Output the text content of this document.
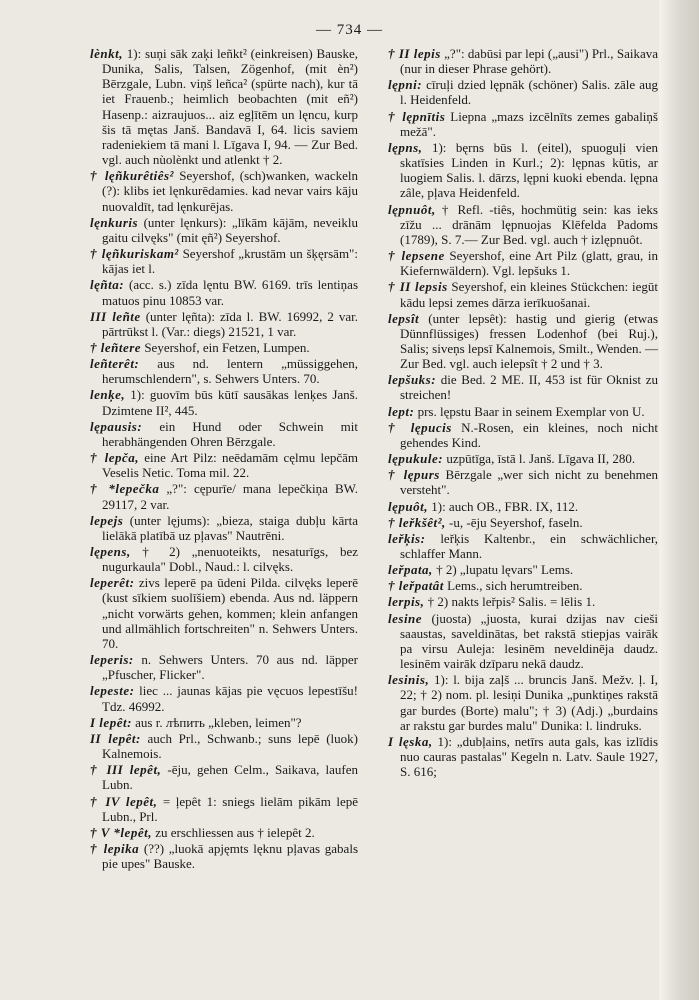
— 734 —
lènkt, 1): suņi sāk zaķi leñkt² (einkreisen) Bauske, Dunika, Salis, Talsen, Zögenhof, (mit èn²) Bērzgale, Lubn. viņš leñca² (spürte nach), kur tā iet Frauenb.; heimlich beobachten (mit eñ²) Hasenp.: aizraujuos... aiz egļītēm un lęncu, kurp šis tā mętas Janš. Bandavā I, 64. licis saviem radeniekiem tā mani l. Līgava I, 94. — Zur Bed. vgl. auch nùolènkt und atlenkt † 2.
† lęñkurêtiês² Seyershof, (sch)wanken, wackeln (?): klibs iet lęnkurēdamies. kad nevar vairs kāju nuovaldīt, tad lęnkurējas.
lęnkuris (unter lęnkurs): „līkām kājām, neveiklu gaitu cilvęks" (mit ęñ²) Seyershof.
† lęñkuriskam² Seyershof „krustām un šķęrsām": kājas iet l.
lęñta: (acc. s.) zīda lęntu BW. 6169. trīs lentiņas matuos pinu 10853 var.
III leñte (unter lęñta): zīda l. BW. 16992, 2 var. pārtrūkst l. (Var.: diegs) 21521, 1 var.
† leñtere Seyershof, ein Fetzen, Lumpen.
leñterêt: aus nd. lentern „müssiggehen, herumschlendern", s. Sehwers Unters. 70.
lenķe, 1): guovīm būs kūtī sausākas lenķes Janš. Dzimtene II², 445.
lępausis: ein Hund oder Schwein mit herabhängenden Ohren Bērzgale.
† lepča, eine Art Pilz: neēdamām cęlmu lepčām Veselis Netic. Toma mil. 22.
† *lepečka „?": cępurīe/ mana lepečkiņa BW. 29117, 2 var.
lepejs (unter lęjums): „bieza, staiga dubļu kārta lielākā platībā uz pļavas" Nautrēni.
lępens, † 2) „nenuoteikts, nesaturīgs, bez nugurkaula" Dobl., Naud.: l. cilvęks.
leperêt: zivs leperē pa ūdeni Pilda. cilvęks leperē (kust sīkiem suolīšiem) ebenda. Aus nd. läppern „nicht vorwärts gehen, kommen; klein anfangen und allmählich fortschreiten" n. Sehwers Unters. 70.
leperis: n. Sehwers Unters. 70 aus nd. läpper „Pfuscher, Flicker".
lepeste: liec ... jaunas kājas pie vęcuos lepestīšu! Tdz. 46992.
I lepêt: aus r. лѣпить „kleben, leimen"?
II lepêt: auch Prl., Schwanb.; suns lepē (luok) Kalnemois.
† III lepêt, -ēju, gehen Celm., Saikava, laufen Lubn.
† IV lepêt, = ļepêt 1: sniegs lielām pikām lepē Lubn., Prl.
† V *lepêt, zu erschliessen aus † ielepêt 2.
† lepika (??) „luokā apjęmts lęknu pļavas gabals pie upes" Bauske.
† II lepis „?": dabūsi par lepi („ausi") Prl., Saikava (nur in dieser Phrase gehört).
lępni: cīruļi dzied lępnāk (schöner) Salis. zāle aug l. Heidenfeld.
† lępnītis Liepna „mazs izcēlnīts zemes gabaliņš mežā".
lępns, 1): bęrns būs l. (eitel), spuoguļi vien skatīsies Linden in Kurl.; 2): lępnas kūtis, ar luogiem Salis. l. dārzs, lępni kuoki ebenda. lępna zâle, pļava Heidenfeld.
lępnuôt, † Refl. -tiês, hochmütig sein: kas ieks zīžu ... drānām lępnuojas Klēfelda Padoms (1789), S. 7.— Zur Bed. vgl. auch † izlępnuôt.
† lepsene Seyershof, eine Art Pilz (glatt, grau, in Kiefernwäldern). Vgl. lepšuks 1.
† II lepsis Seyershof, ein kleines Stückchen: iegūt kādu lepsi zemes dārza ierīkuošanai.
lepsît (unter lepsêt): hastig und gierig (etwas Dünnflüssiges) fressen Lodenhof (bei Ruj.), Salis; siveņs lepsī Kalnemois, Smilt., Wenden. — Zur Bed. vgl. auch ielepsît † 2 und † 3.
lepšuks: die Bed. 2 ME. II, 453 ist für Oknist zu streichen!
lept: prs. lępstu Baar in seinem Exemplar von U.
† lępucis N.-Rosen, ein kleines, noch nicht gehendes Kind.
lępukule: uzpūtīga, īstā l. Janš. Līgava II, 280.
† lępurs Bērzgale „wer sich nicht zu benehmen versteht".
lępuôt, 1): auch OB., FBR. IX, 112.
† leřkšêt², -u, -ēju Seyershof, faseln.
leřķis: leřķis Kaltenbr., ein schwächlicher, schlaffer Mann.
leřpata, † 2) „lupatu lęvars" Lems.
† leřpatât Lems., sich herumtreiben.
lerpis, † 2) nakts leřpis² Salis. = lēlis 1.
lesine (juosta) „juosta, kurai dzijas nav cieši saaustas, saveldinātas, bet rakstā stiepjas vairāk pa virsu Auleja: lesinēm neveldinēja daudz. lesinēm vairāk dzīparu nekā daudz.
lesinis, 1): l. bija zaļš ... bruncis Janš. Mežv. ļ. I, 22; † 2) nom. pl. lesiņi Dunika „punktiņes rakstā gar burdes (Borte) malu"; † 3) (Adj.) „burdains ar rakstu gar burdes malu" Dunika: l. lindruks.
I lęska, 1): „dubļains, netīrs auta gals, kas izlīdis nuo cauras pastalas" Kegeln n. Latv. Saule 1927, S. 616;
